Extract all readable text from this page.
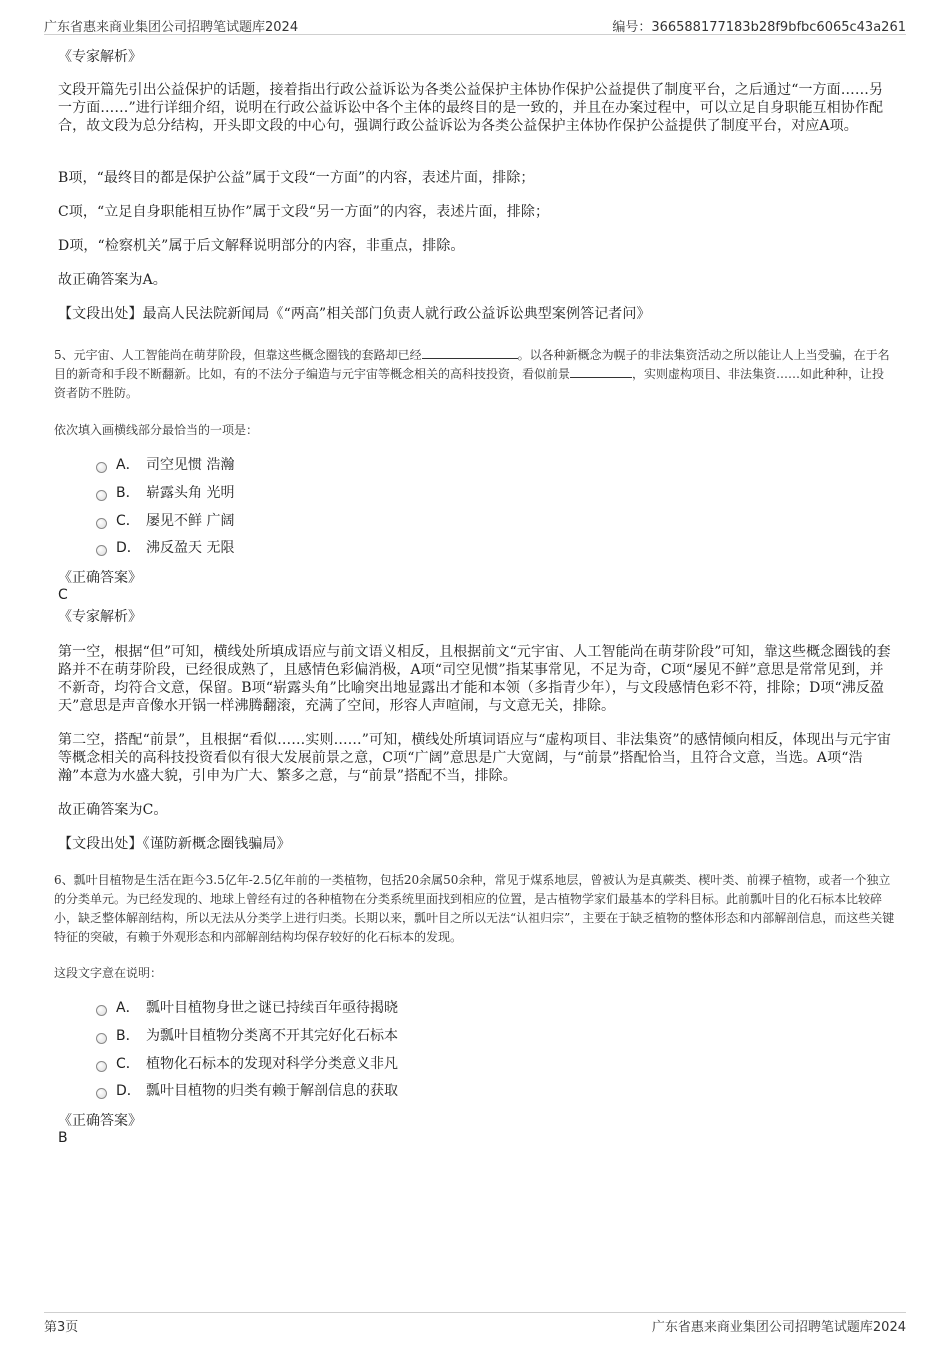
广东省惠来商业集团公司招聘笔试题库2024	编号：366588177183b28f9bfbc6065c43a261
《专家解析》
文段开篇先引出公益保护的话题，接着指出行政公益诉讼为各类公益保护主体协作保护公益提供了制度平台，之后通过“一方面……另一方面……”进行详细介绍，说明在行政公益诉讼中各个主体的最终目的是一致的，并且在办案过程中，可以立足自身职能互相协作配合，故文段为总分结构，开头即文段的中心句，强调行政公益诉讼为各类公益保护主体协作保护公益提供了制度平台，对应A项。
B项，“最终目的都是保护公益”属于文段“一方面”的内容，表述片面，排除；
C项，“立足自身职能相互协作”属于文段“另一方面”的内容，表述片面，排除；
D项，“检察机关”属于后文解释说明部分的内容，非重点，排除。
故正确答案为A。
【文段出处】最高人民法院新闻局《“两高”相关部门负责人就行政公益诉讼典型案例答记者问》
5、元宇宙、人工智能尚在萌芽阶段，但靠这些概念圈钱的套路却已经	。以各种新概念为幌子的非法集资活动之所以能让人上当受骗，在于名目的新奇和手段不断翻新。比如，有的不法分子编造与元宇宙等概念相关的高科技投资，看似前景	，实则虚构项目、非法集资……如此种种，让投资者防不胜防。
依次填入画横线部分最恰当的一项是：
A． 司空见惯 浩瀚
B． 崭露头角 光明
C． 屡见不鲜 广阔
D． 沸反盈天 无限
《正确答案》
C
《专家解析》
第一空，根据“但”可知，横线处所填成语应与前文语义相反，且根据前文“元宇宙、人工智能尚在萌芽阶段”可知，靠这些概念圈钱的套路并不在萌芽阶段，已经很成熟了，且感情色彩偏消极，A项“司空见惯”指某事常见，不足为奇，C项“屡见不鲜”意思是常常见到，并不新奇，均符合文意，保留。B项“崭露头角”比喻突出地显露出才能和本领（多指青少年），与文段感情色彩不符，排除；D项“沸反盈天”意思是声音像水开锅一样沸腾翻滚，充满了空间，形容人声喧闹，与文意无关，排除。
第二空，搭配“前景”，且根据“看似……实则……”可知，横线处所填词语应与“虚构项目、非法集资”的感情倾向相反，体现出与元宇宙等概念相关的高科技投资看似有很大发展前景之意，C项“广阔”意思是广大宽阔，与“前景”搭配恰当，且符合文意，当选。A项“浩瀚”本意为水盛大貌，引申为广大、繁多之意，与“前景”搭配不当，排除。
故正确答案为C。
【文段出处】《谨防新概念圈钱骗局》
6、瓢叶目植物是生活在距今3.5亿年-2.5亿年前的一类植物，包括20余属50余种，常见于煤系地层，曾被认为是真蕨类、楔叶类、前裸子植物，或者一个独立的分类单元。为已经发现的、地球上曾经有过的各种植物在分类系统里面找到相应的位置，是古植物学家们最基本的学科目标。此前瓢叶目的化石标本比较碎小，缺乏整体解剖结构，所以无法从分类学上进行归类。长期以来，瓢叶目之所以无法“认祖归宗”，主要在于缺乏植物的整体形态和内部解剖信息，而这些关键特征的突破，有赖于外观形态和内部解剖结构均保存较好的化石标本的发现。
这段文字意在说明：
A． 瓢叶目植物身世之谜已持续百年亟待揭晓
B． 为瓢叶目植物分类离不开其完好化石标本
C． 植物化石标本的发现对科学分类意义非凡
D． 瓢叶目植物的归类有赖于解剖信息的获取
《正确答案》
B
第3页	广东省惠来商业集团公司招聘笔试题库2024
